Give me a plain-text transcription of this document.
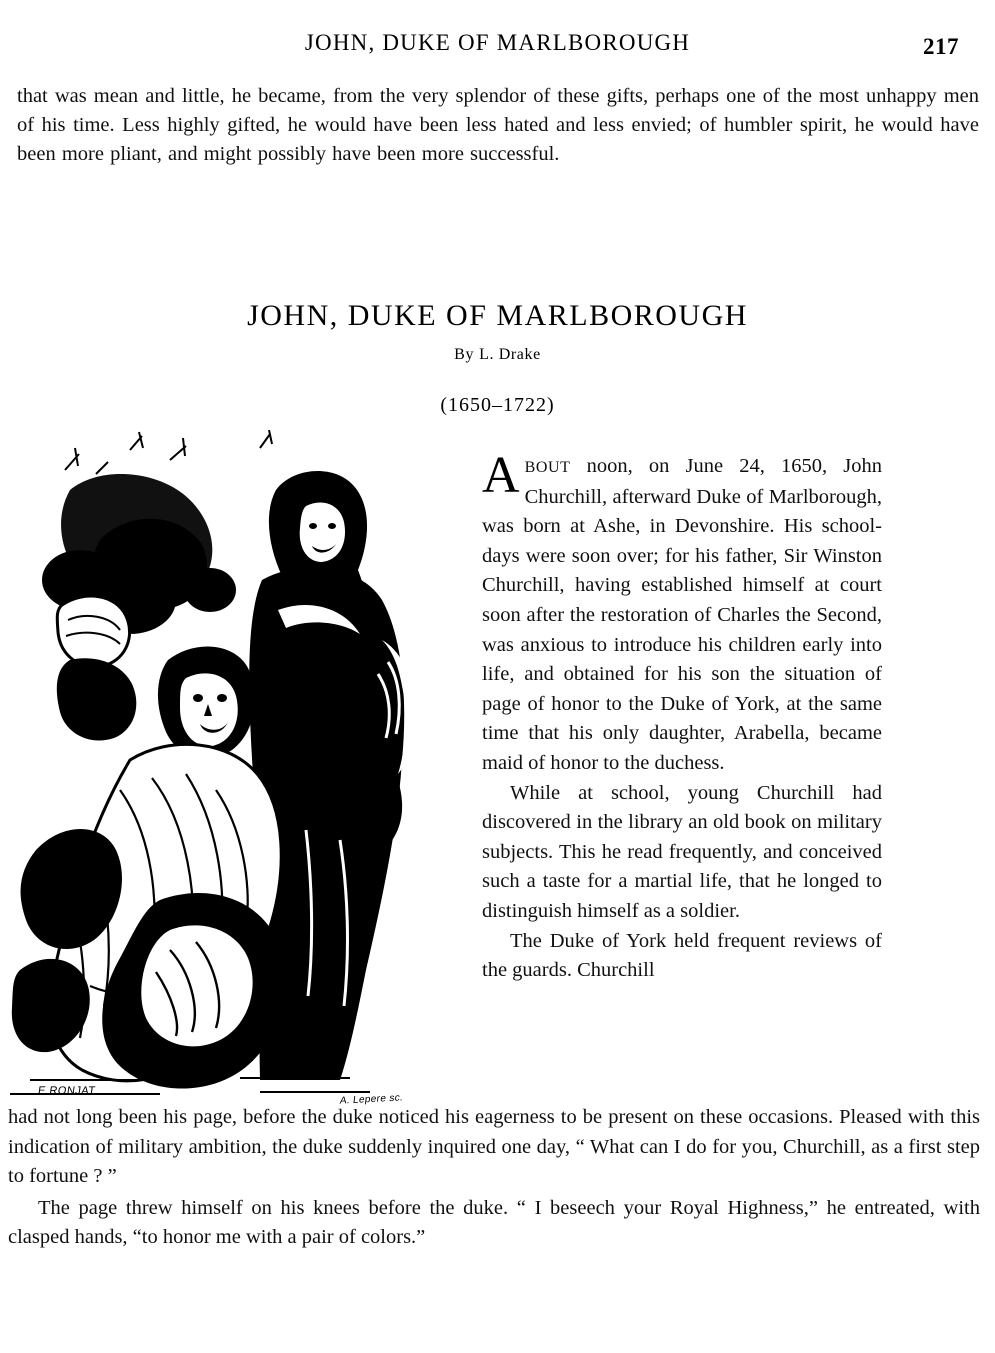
JOHN, DUKE OF MARLBOROUGH	217
that was mean and little, he became, from the very splendor of these gifts, perhaps one of the most unhappy men of his time. Less highly gifted, he would have been less hated and less envied; of humbler spirit, he would have been more pliant, and might possibly have been more successful.
JOHN, DUKE OF MARLBOROUGH
By L. Drake
(1650–1722)
E RONJAT
A. Lepere sc.

ABOUT noon, on June 24, 1650, John Churchill, afterward Duke of Marlborough, was born at Ashe, in Devonshire. His school-days were soon over; for his father, Sir Winston Churchill, having established himself at court soon after the restoration of Charles the Second, was anxious to introduce his children early into life, and obtained for his son the situation of page of honor to the Duke of York, at the same time that his only daughter, Arabella, became maid of honor to the duchess.

While at school, young Churchill had discovered in the library an old book on military subjects. This he read frequently, and conceived such a taste for a martial life, that he longed to distinguish himself as a soldier.

The Duke of York held frequent reviews of the guards. Churchill

had not long been his page, before the duke noticed his eagerness to be present on these occasions. Pleased with this indication of military ambition, the duke suddenly inquired one day, “ What can I do for you, Churchill, as a first step to fortune ? ”

The page threw himself on his knees before the duke. “ I beseech your Royal Highness,” he entreated, with clasped hands, “to honor me with a pair of colors.”
